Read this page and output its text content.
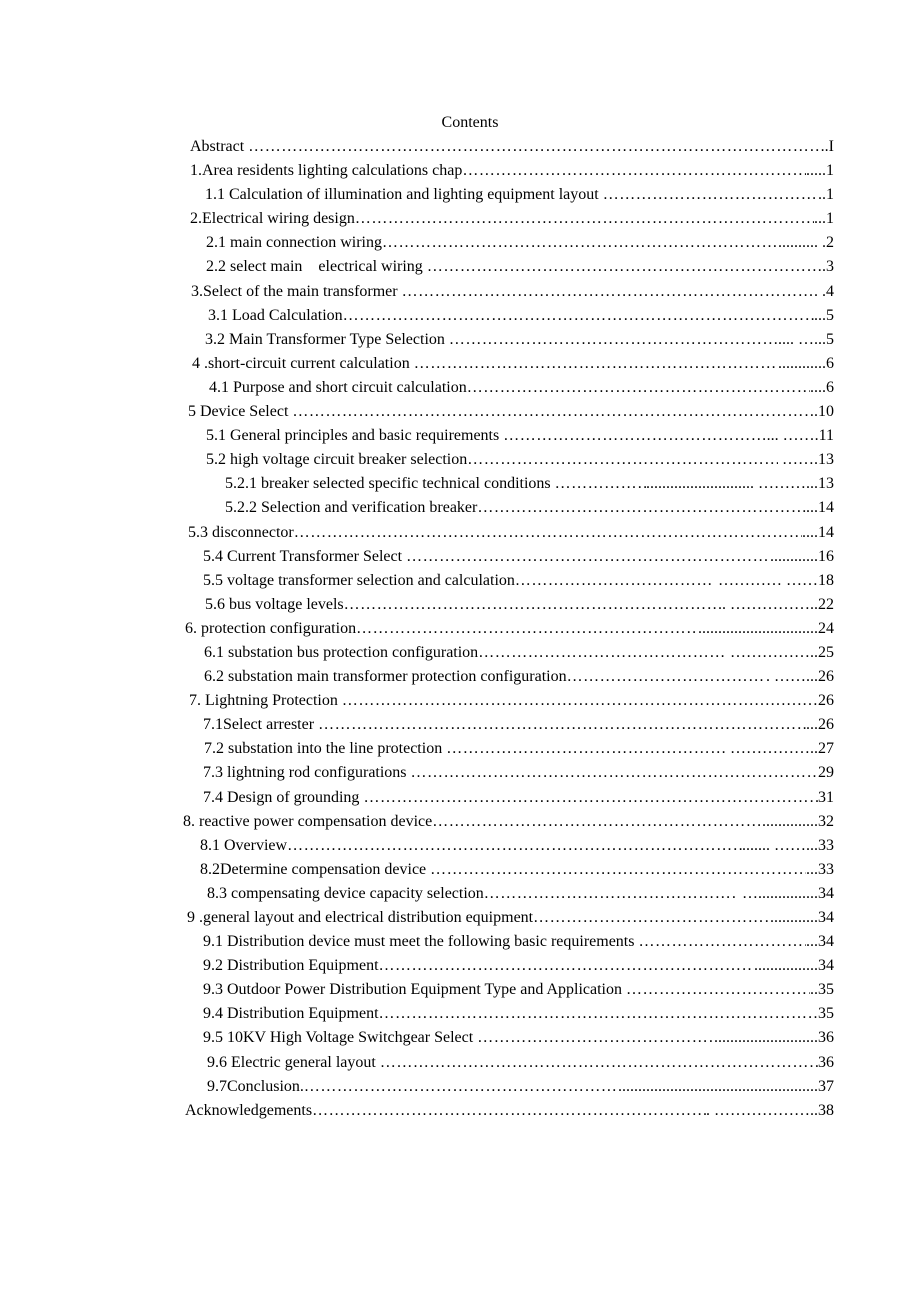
Contents
Abstract ……………………………………………………………………………………………………………………………………………………………………………	..I
1.Area residents lighting calculations chap ……………………………………………………………………………………………………………………………………………………………………………	.....1
1.1 Calculation of illumination and lighting equipment layout ……………………………………………………………………………………………………………………………………………………………………………	..1
2.Electrical wiring design ……………………………………………………………………………………………………………………………………………………………………………	...1
2.1 main connection wiring ……………………………………………………………………………………………………………………………………………………………………………	.......... .2
2.2 select main    electrical wiring ……………………………………………………………………………………………………………………………………………………………………………	.3
3.Select of the main transformer ……………………………………………………………………………………………………………………………………………………………………………	. .4
3.1 Load Calculation ……………………………………………………………………………………………………………………………………………………………………………	...5
3.2 Main Transformer Type Selection ……………………………………………………………………………………………………………………………………………………………………………	.... …...5
4 .short-circuit current calculation ……………………………………………………………………………………………………………………………………………………………………………	............6
4.1 Purpose and short circuit calculation ……………………………………………………………………………………………………………………………………………………………………………	....6
5 Device Select ……………………………………………………………………………………………………………………………………………………………………………	.10
5.1 General principles and basic requirements ……………………………………………………………………………………………………………………………………………………………………………	... …….11
5.2 high voltage circuit breaker selection ……………………………………………………………………………………………………………………………………………………………………………	…….13
5.2.1 breaker selected specific technical conditions ……………………………………………………………………………………………………………………………………………………………………………	........................... ………...13
5.2.2 Selection and verification breaker ……………………………………………………………………………………………………………………………………………………………………………	...14
5.3 disconnector ……………………………………………………………………………………………………………………………………………………………………………	....14
5.4 Current Transformer Select ……………………………………………………………………………………………………………………………………………………………………………	............16
5.5 voltage transformer selection and calculation ……………………………………………………………………………………………………………………………………………………………………………	………… ……18
5.6 bus voltage levels ……………………………………………………………………………………………………………………………………………………………………………	.. ……………..22
6. protection configuration ……………………………………………………………………………………………………………………………………………………………………………	..............................24
6.1 substation bus protection configuration ……………………………………………………………………………………………………………………………………………………………………………	……………..25
6.2 substation main transformer protection configuration ……………………………………………………………………………………………………………………………………………………………………………	. ……...26
7. Lightning Protection ……………………………………………………………………………………………………………………………………………………………………………	…………26
7.1Select arrester ……………………………………………………………………………………………………………………………………………………………………………	...26
7.2 substation into the line protection ……………………………………………………………………………………………………………………………………………………………………………	……………..27
7.3 lightning rod configurations ……………………………………………………………………………………………………………………………………………………………………………	29
7.4 Design of grounding ……………………………………………………………………………………………………………………………………………………………………………	31
8. reactive power compensation device ……………………………………………………………………………………………………………………………………………………………………………	..............32
8.1 Overview ……………………………………………………………………………………………………………………………………………………………………………	....... ……...33
8.2Determine compensation device ……………………………………………………………………………………………………………………………………………………………………………	...33
8.3 compensating device capacity selection ……………………………………………………………………………………………………………………………………………………………………………	…...............34
9 .general layout and electrical distribution equipment ……………………………………………………………………………………………………………………………………………………………………………	............34
9.1 Distribution device must meet the following basic requirements ……………………………………………………………………………………………………………………………………………………………………………	...34
9.2 Distribution Equipment ……………………………………………………………………………………………………………………………………………………………………………	................34
9.3 Outdoor Power Distribution Equipment Type and Application ……………………………………………………………………………………………………………………………………………………………………………	..35
9.4 Distribution Equipment ……………………………………………………………………………………………………………………………………………………………………………	35
9.5 10KV High Voltage Switchgear Select ……………………………………………………………………………………………………………………………………………………………………………	..........................36
9.6 Electric general layout ……………………………………………………………………………………………………………………………………………………………………………	36
9.7Conclusion. ……………………………………………………………………………………………………………………………………………………………………………	..................................................37
Acknowledgements ……………………………………………………………………………………………………………………………………………………………………………	. ………………..38
